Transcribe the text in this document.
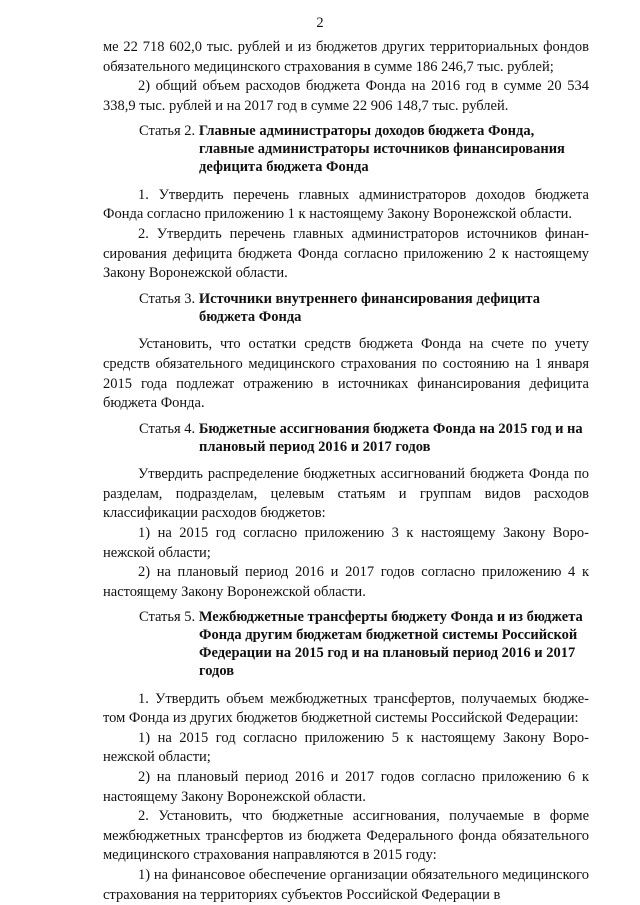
2

ме 22 718 602,0 тыс. рублей и из бюджетов других территориальных фондов обязательного медицинского страхования в сумме 186 246,7 тыс. рублей;

2) общий объем расходов бюджета Фонда на 2016 год в сумме 20 534 338,9 тыс. рублей и на 2017 год в сумме 22 906 148,7 тыс. рублей.

Статья 2. Главные администраторы доходов бюджета Фонда, главные администраторы источников финансирования дефицита бюджета Фонда

1. Утвердить перечень главных администраторов доходов бюджета Фонда согласно приложению 1 к настоящему Закону Воронежской области.

2. Утвердить перечень главных администраторов источников финансирования дефицита бюджета Фонда согласно приложению 2 к настоящему Закону Воронежской области.

Статья 3. Источники внутреннего финансирования дефицита бюджета Фонда

Установить, что остатки средств бюджета Фонда на счете по учету средств обязательного медицинского страхования по состоянию на 1 января 2015 года подлежат отражению в источниках финансирования дефицита бюджета Фонда.

Статья 4. Бюджетные ассигнования бюджета Фонда на 2015 год и на плановый период 2016 и 2017 годов

Утвердить распределение бюджетных ассигнований бюджета Фонда по разделам, подразделам, целевым статьям и группам видов расходов классификации расходов бюджетов:

1) на 2015 год согласно приложению 3 к настоящему Закону Воронежской области;

2) на плановый период 2016 и 2017 годов согласно приложению 4 к настоящему Закону Воронежской области.

Статья 5. Межбюджетные трансферты бюджету Фонда и из бюджета Фонда другим бюджетам бюджетной системы Российской Федерации на 2015 год и на плановый период 2016 и 2017 годов

1. Утвердить объем межбюджетных трансфертов, получаемых бюджетом Фонда из других бюджетов бюджетной системы Российской Федерации:

1) на 2015 год согласно приложению 5 к настоящему Закону Воронежской области;

2) на плановый период 2016 и 2017 годов согласно приложению 6 к настоящему Закону Воронежской области.

2. Установить, что бюджетные ассигнования, получаемые в форме межбюджетных трансфертов из бюджета Федерального фонда обязательного медицинского страхования направляются в 2015 году:

1) на финансовое обеспечение организации обязательного медицинского страхования на территориях субъектов Российской Федерации в
